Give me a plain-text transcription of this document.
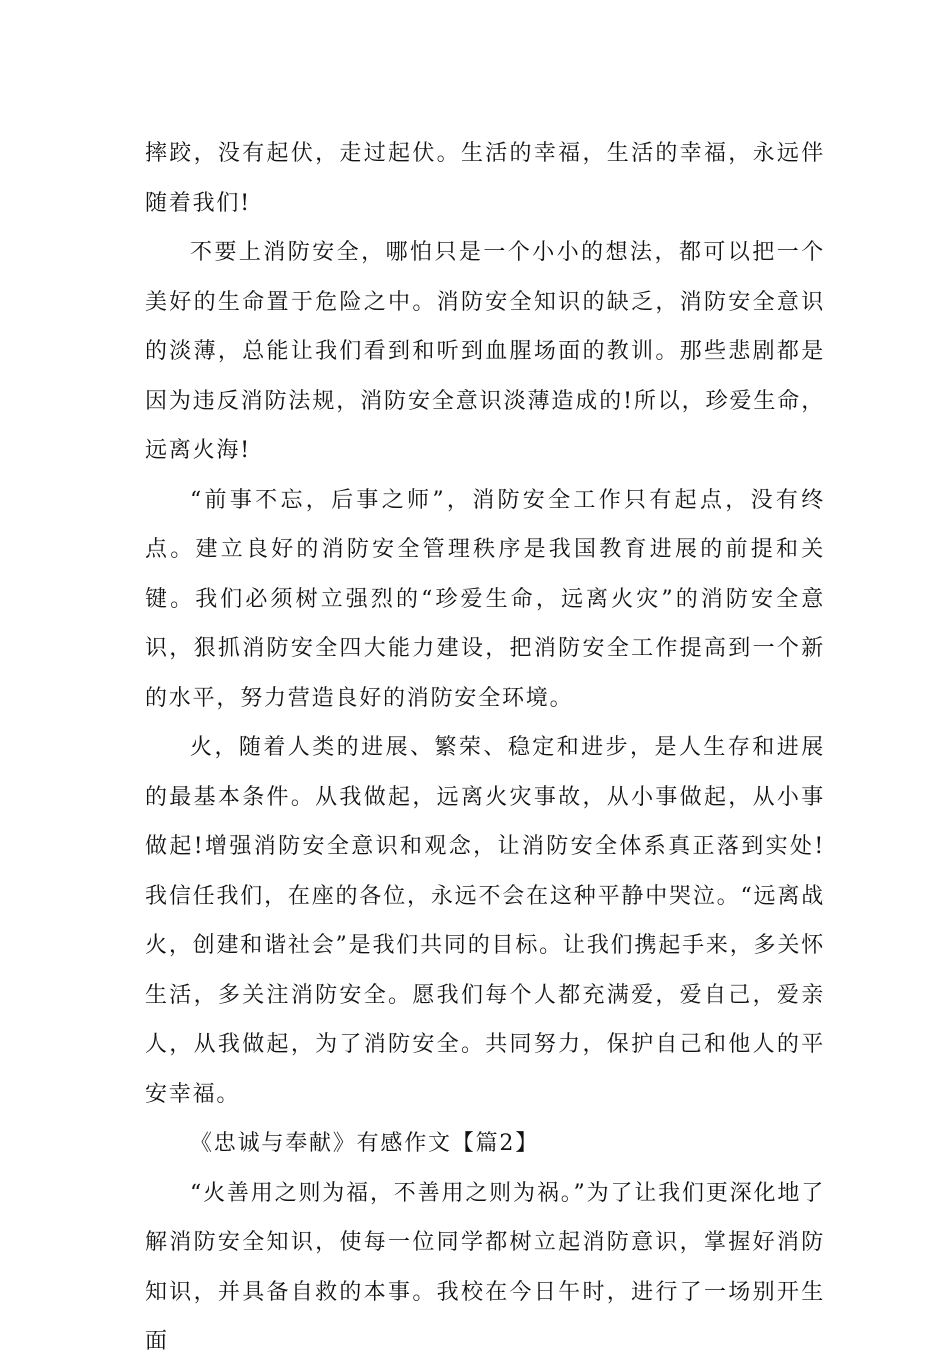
摔跤，没有起伏，走过起伏。生活的幸福，生活的幸福，永远伴随着我们!

不要上消防安全，哪怕只是一个小小的想法，都可以把一个美好的生命置于危险之中。消防安全知识的缺乏，消防安全意识的淡薄，总能让我们看到和听到血腥场面的教训。那些悲剧都是因为违反消防法规，消防安全意识淡薄造成的!所以，珍爱生命，远离火海!

“前事不忘，后事之师”，消防安全工作只有起点，没有终点。建立良好的消防安全管理秩序是我国教育进展的前提和关键。我们必须树立强烈的“珍爱生命，远离火灾”的消防安全意识，狠抓消防安全四大能力建设，把消防安全工作提高到一个新的水平，努力营造良好的消防安全环境。

火，随着人类的进展、繁荣、稳定和进步，是人生存和进展的最基本条件。从我做起，远离火灾事故，从小事做起，从小事做起!增强消防安全意识和观念，让消防安全体系真正落到实处!我信任我们，在座的各位，永远不会在这种平静中哭泣。“远离战火，创建和谐社会”是我们共同的目标。让我们携起手来，多关怀生活，多关注消防安全。愿我们每个人都充满爱，爱自己，爱亲人，从我做起，为了消防安全。共同努力，保护自己和他人的平安幸福。

《忠诚与奉献》有感作文【篇2】

“火善用之则为福，不善用之则为祸。”为了让我们更深化地了解消防安全知识，使每一位同学都树立起消防意识，掌握好消防知识，并具备自救的本事。我校在今日午时，进行了一场别开生面
